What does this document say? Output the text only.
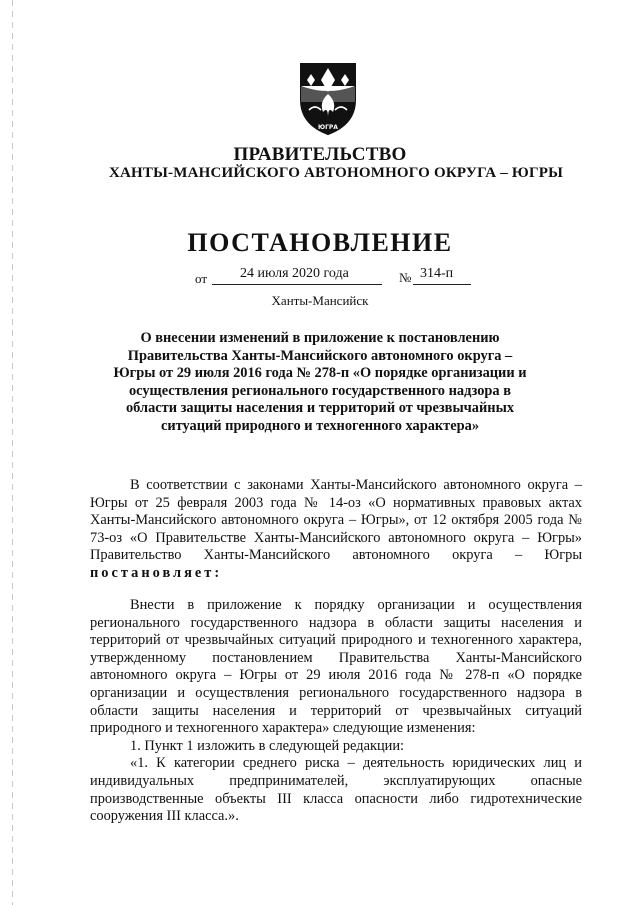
ЮГРА
ПРАВИТЕЛЬСТВО
ХАНТЫ-МАНСИЙСКОГО АВТОНОМНОГО ОКРУГА – ЮГРЫ
ПОСТАНОВЛЕНИЕ
от 24 июля 2020 года	№ 314-п
Ханты-Мансийск
О внесении изменений в приложение к постановлению Правительства Ханты-Мансийского автономного округа – Югры от 29 июля 2016 года № 278-п «О порядке организации и осуществления регионального государственного надзора в области защиты населения и территорий от чрезвычайных ситуаций природного и техногенного характера»

В соответствии с законами Ханты-Мансийского автономного округа – Югры от 25 февраля 2003 года № 14-оз «О нормативных правовых актах Ханты-Мансийского автономного округа – Югры», от 12 октября 2005 года № 73-оз «О Правительстве Ханты-Мансийского автономного округа – Югры» Правительство Ханты-Мансийского автономного округа – Югры постановляет:

Внести в приложение к порядку организации и осуществления регионального государственного надзора в области защиты населения и территорий от чрезвычайных ситуаций природного и техногенного характера, утвержденному постановлением Правительства Ханты-Мансийского автономного округа – Югры от 29 июля 2016 года № 278-п «О порядке организации и осуществления регионального государственного надзора в области защиты населения и территорий от чрезвычайных ситуаций природного и техногенного характера» следующие изменения:

1. Пункт 1 изложить в следующей редакции:

«1. К категории среднего риска – деятельность юридических лиц и индивидуальных предпринимателей, эксплуатирующих опасные производственные объекты III класса опасности либо гидротехнические сооружения III класса.».
